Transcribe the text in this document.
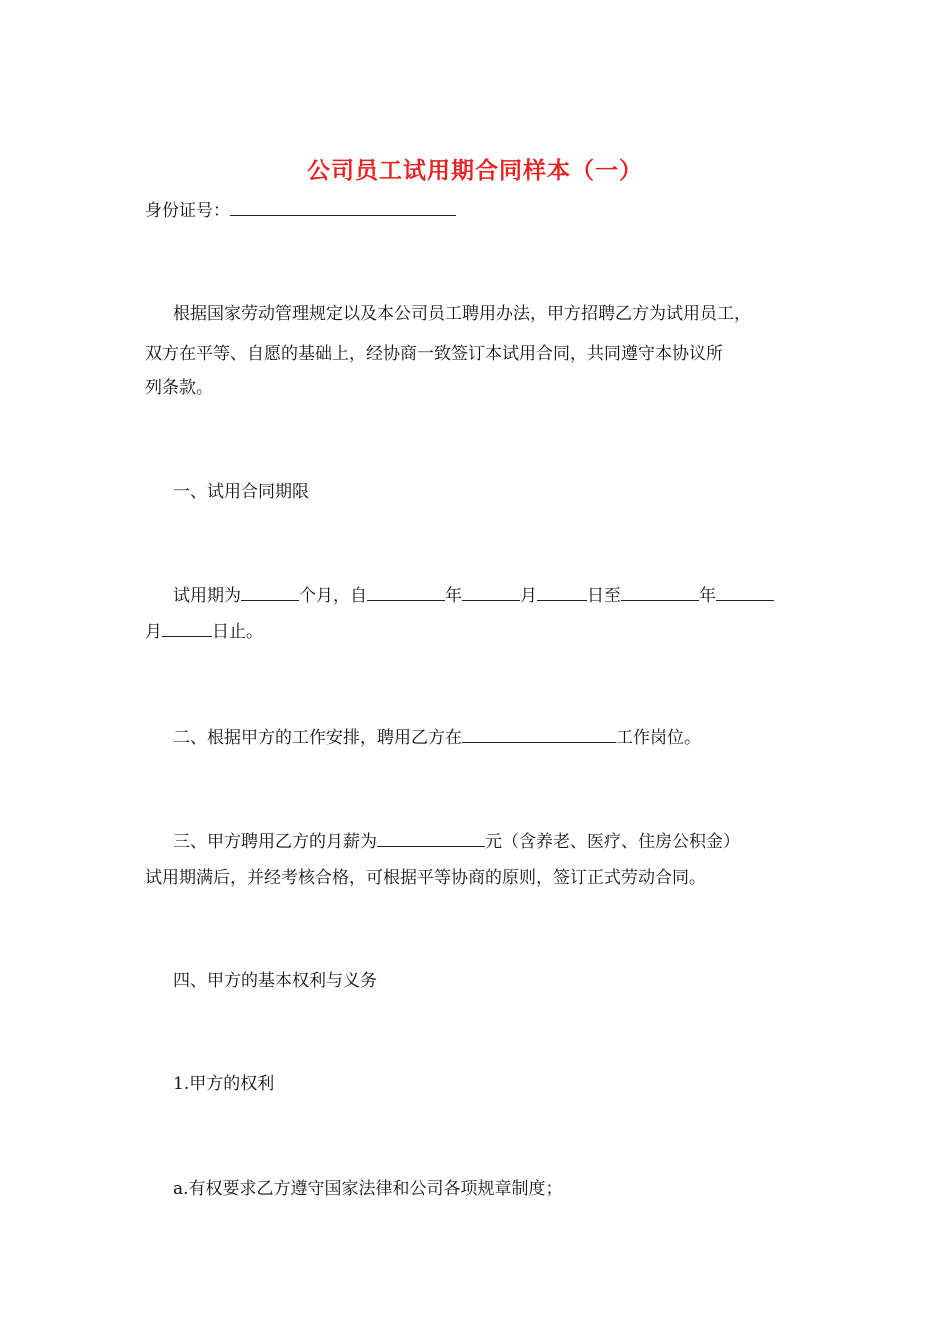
公司员工试用期合同样本（一）
身份证号：
根据国家劳动管理规定以及本公司员工聘用办法，甲方招聘乙方为试用员工，
双方在平等、自愿的基础上，经协商一致签订本试用合同，共同遵守本协议所
列条款。
一、试用合同期限
试用期为	个月，自	年	月	日至	年
月	日止。
二、根据甲方的工作安排，聘用乙方在	工作岗位。
三、甲方聘用乙方的月薪为	元（含养老、医疗、住房公积金）
试用期满后，并经考核合格，可根据平等协商的原则，签订正式劳动合同。
四、甲方的基本权利与义务
1.甲方的权利
a.有权要求乙方遵守国家法律和公司各项规章制度；
